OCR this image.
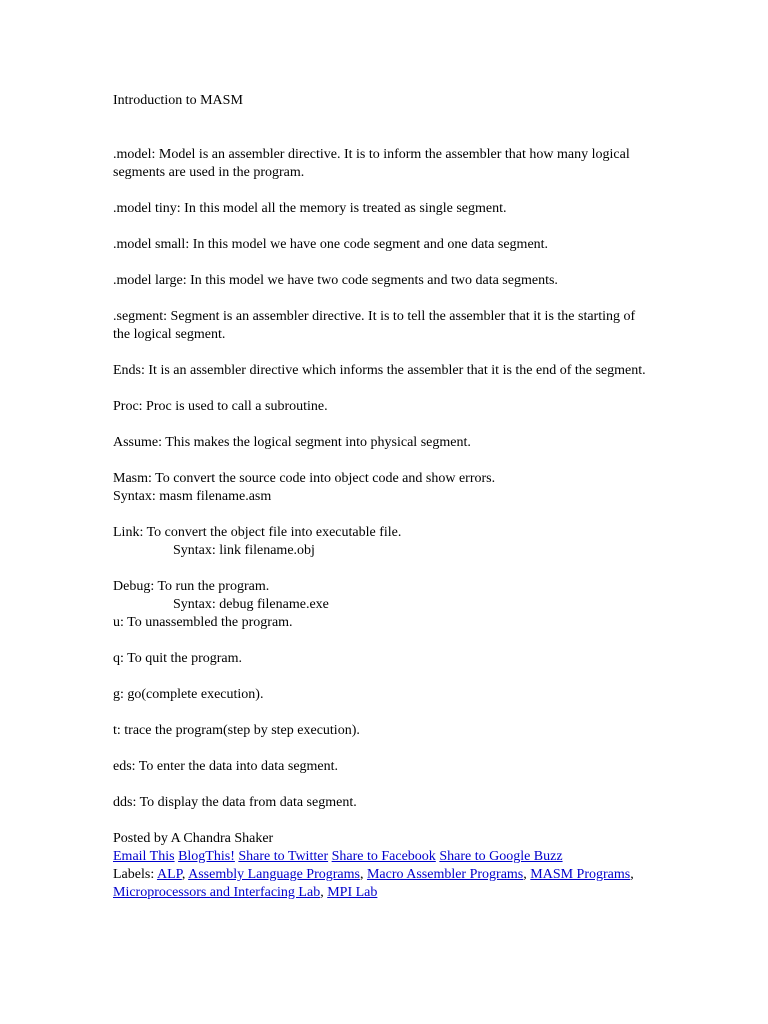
Introduction to MASM

.model: Model is an assembler directive. It is to inform the assembler that how many logical segments are used in the program.

.model tiny: In this model all the memory is treated as single segment.

.model small: In this model we have one code segment and one data segment.

.model large: In this model we have two code segments and two data segments.

.segment: Segment is an assembler directive. It is to tell the assembler that it is the starting of the logical segment.

Ends: It is an assembler directive which informs the assembler that it is the end of the segment.

Proc: Proc is used to call a subroutine.

Assume: This makes the logical segment into physical segment.

Masm: To convert the source code into object code and show errors.

Syntax: masm filename.asm

Link: To convert the object file into executable file.

Syntax: link filename.obj

Debug: To run the program.

Syntax: debug filename.exe

u: To unassembled the program.

q: To quit the program.

g: go(complete execution).

t: trace the program(step by step execution).

eds: To enter the data into data segment.

dds: To display the data from data segment.

Posted by A Chandra Shaker
Email This BlogThis! Share to Twitter Share to Facebook Share to Google Buzz
Labels: ALP, Assembly Language Programs, Macro Assembler Programs, MASM Programs, Microprocessors and Interfacing Lab, MPI Lab
